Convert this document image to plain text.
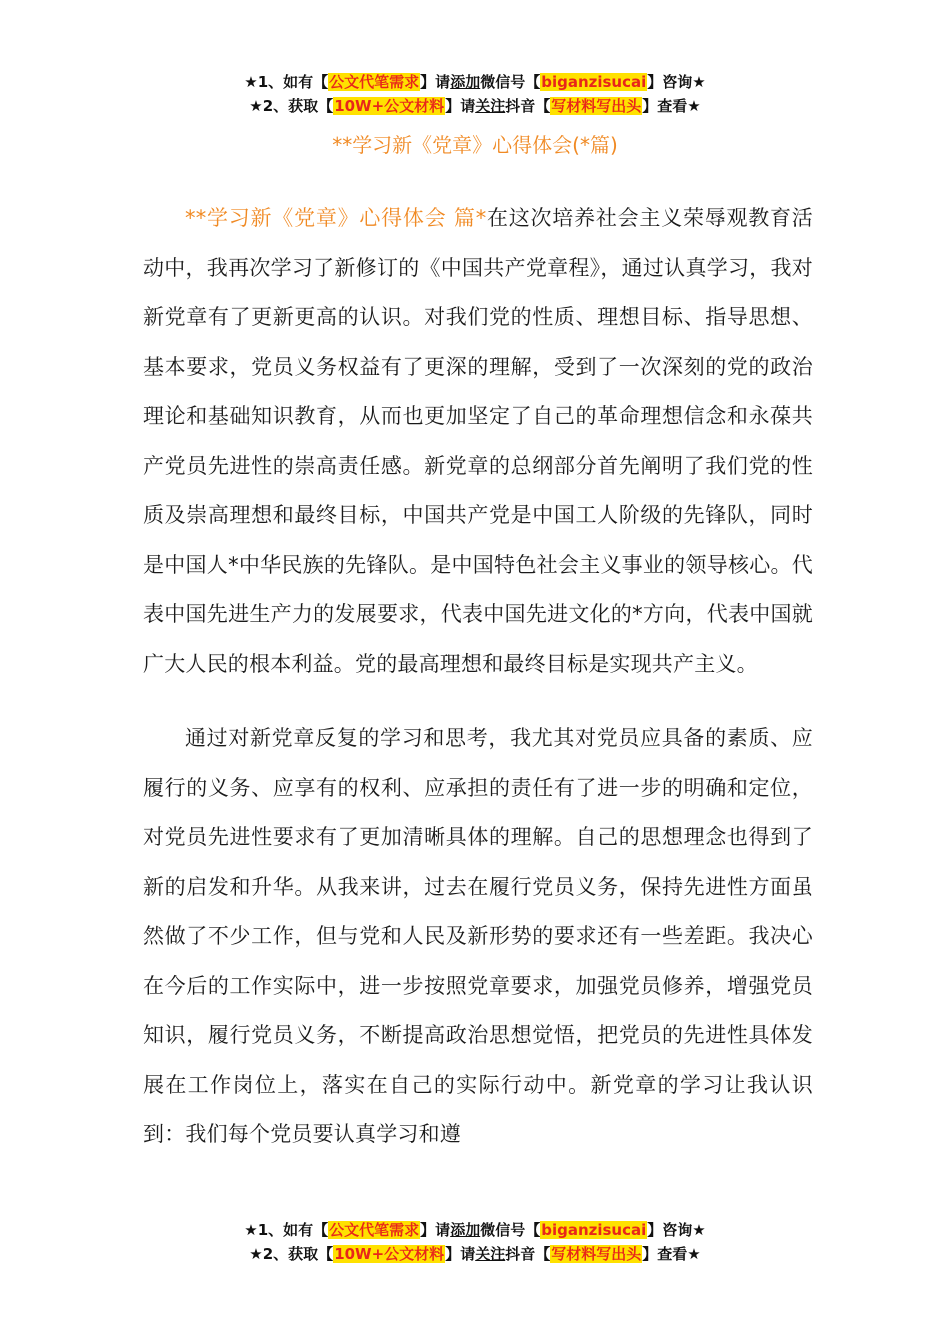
★1、如有【公文代笔需求】请添加微信号【biganzisucai】咨询★
★2、获取【10W+公文材料】请关注抖音【写材料写出头】查看★
**学习新《党章》心得体会(*篇)

**学习新《党章》心得体会 篇*在这次培养社会主义荣辱观教育活动中，我再次学习了新修订的《中国共产党章程》，通过认真学习，我对新党章有了更新更高的认识。对我们党的性质、理想目标、指导思想、基本要求，党员义务权益有了更深的理解，受到了一次深刻的党的政治理论和基础知识教育，从而也更加坚定了自己的革命理想信念和永葆共产党员先进性的崇高责任感。新党章的总纲部分首先阐明了我们党的性质及崇高理想和最终目标，中国共产党是中国工人阶级的先锋队，同时是中国人*中华民族的先锋队。是中国特色社会主义事业的领导核心。代表中国先进生产力的发展要求，代表中国先进文化的*方向，代表中国就广大人民的根本利益。党的最高理想和最终目标是实现共产主义。

通过对新党章反复的学习和思考，我尤其对党员应具备的素质、应履行的义务、应享有的权利、应承担的责任有了进一步的明确和定位，对党员先进性要求有了更加清晰具体的理解。自己的思想理念也得到了新的启发和升华。从我来讲，过去在履行党员义务，保持先进性方面虽然做了不少工作，但与党和人民及新形势的要求还有一些差距。我决心在今后的工作实际中，进一步按照党章要求，加强党员修养，增强党员知识，履行党员义务，不断提高政治思想觉悟，把党员的先进性具体发展在工作岗位上，落实在自己的实际行动中。新党章的学习让我认识到：我们每个党员要认真学习和遵

★1、如有【公文代笔需求】请添加微信号【biganzisucai】咨询★
★2、获取【10W+公文材料】请关注抖音【写材料写出头】查看★
